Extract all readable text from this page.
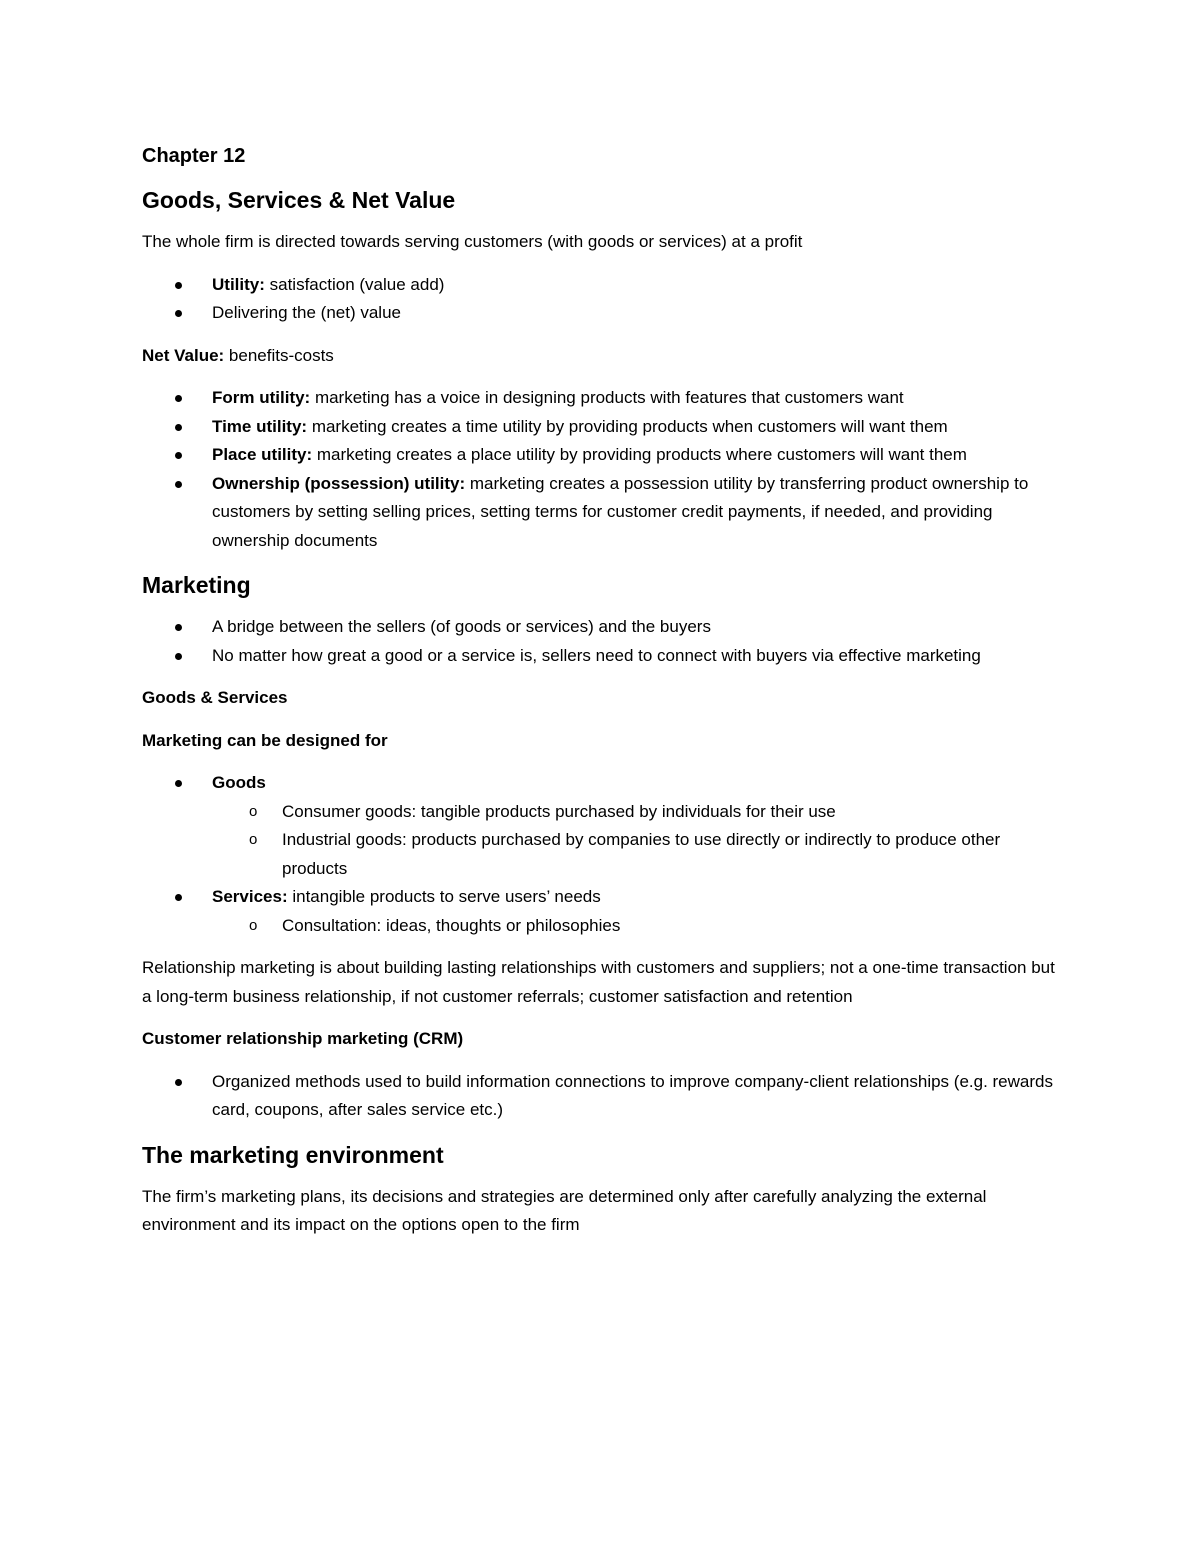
Chapter 12

Goods, Services & Net Value

The whole firm is directed towards serving customers (with goods or services) at a profit

Utility: satisfaction (value add)
Delivering the (net) value

Net Value: benefits-costs

Form utility: marketing has a voice in designing products with features that customers want
Time utility: marketing creates a time utility by providing products when customers will want them
Place utility: marketing creates a place utility by providing products where customers will want them
Ownership (possession) utility: marketing creates a possession utility by transferring product ownership to customers by setting selling prices, setting terms for customer credit payments, if needed, and providing ownership documents

Marketing

A bridge between the sellers (of goods or services) and the buyers
No matter how great a good or a service is, sellers need to connect with buyers via effective marketing

Goods & Services

Marketing can be designed for

Goods
o Consumer goods: tangible products purchased by individuals for their use
o Industrial goods: products purchased by companies to use directly or indirectly to produce other products
Services: intangible products to serve users’ needs
o Consultation: ideas, thoughts or philosophies

Relationship marketing is about building lasting relationships with customers and suppliers; not a one-time transaction but a long-term business relationship, if not customer referrals; customer satisfaction and retention

Customer relationship marketing (CRM)

Organized methods used to build information connections to improve company-client relationships (e.g. rewards card, coupons, after sales service etc.)

The marketing environment

The firm’s marketing plans, its decisions and strategies are determined only after carefully analyzing the external environment and its impact on the options open to the firm
